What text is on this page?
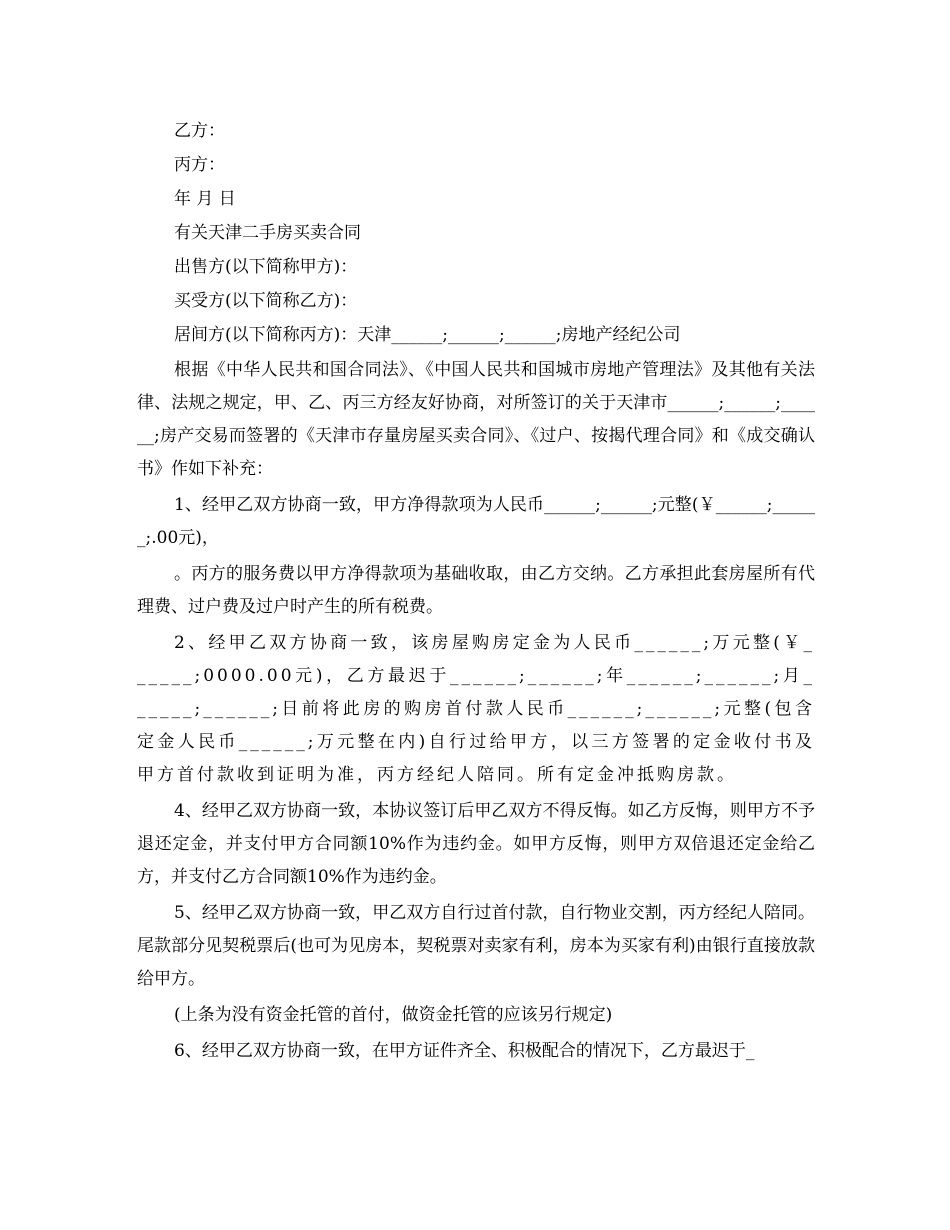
乙方：
丙方：
年 月 日
有关天津二手房买卖合同
出售方(以下简称甲方)：
买受方(以下简称乙方)：
居间方(以下简称丙方)：天津______;______;______;房地产经纪公司

根据《中华人民共和国合同法》、《中国人民共和国城市房地产管理法》及其他有关法律、法规之规定，甲、乙、丙三方经友好协商，对所签订的关于天津市______;______;______;房产交易而签署的《天津市存量房屋买卖合同》、《过户、按揭代理合同》和《成交确认书》作如下补充：

1、经甲乙双方协商一致，甲方净得款项为人民币______;______;元整(￥______;______;.00元)，

。丙方的服务费以甲方净得款项为基础收取，由乙方交纳。乙方承担此套房屋所有代理费、过户费及过户时产生的所有税费。

2、经甲乙双方协商一致，该房屋购房定金为人民币______;万元整(￥______;0000.00元)，乙方最迟于______;______;年______;______;月______;______;日前将此房的购房首付款人民币______;______;元整(包含定金人民币______;万元整在内)自行过给甲方，以三方签署的定金收付书及甲方首付款收到证明为准，丙方经纪人陪同。所有定金冲抵购房款。

4、经甲乙双方协商一致，本协议签订后甲乙双方不得反悔。如乙方反悔，则甲方不予退还定金，并支付甲方合同额10%作为违约金。如甲方反悔，则甲方双倍退还定金给乙方，并支付乙方合同额10%作为违约金。

5、经甲乙双方协商一致，甲乙双方自行过首付款，自行物业交割，丙方经纪人陪同。尾款部分见契税票后(也可为见房本，契税票对卖家有利，房本为买家有利)由银行直接放款给甲方。

(上条为没有资金托管的首付，做资金托管的应该另行规定)

6、经甲乙双方协商一致，在甲方证件齐全、积极配合的情况下，乙方最迟于_
